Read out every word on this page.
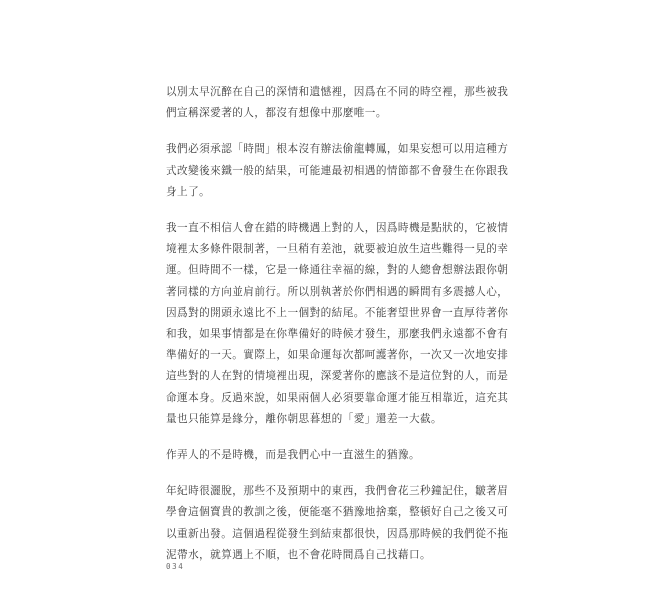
以別太早沉醉在自己的深情和遺憾裡，因爲在不同的時空裡，那些被我
們宣稱深愛著的人，都沒有想像中那麼唯一。

我們必須承認「時間」根本沒有辦法偷龍轉鳳，如果妄想可以用這種方
式改變後來鐵一般的結果，可能連最初相遇的情節都不會發生在你跟我
身上了。

我一直不相信人會在錯的時機遇上對的人，因爲時機是點狀的，它被情
境裡太多條件限制著，一旦稍有差池，就要被迫放生這些難得一見的幸
運。但時間不一樣，它是一條通往幸福的線，對的人總會想辦法跟你朝
著同樣的方向並肩前行。所以別執著於你們相遇的瞬間有多震撼人心，
因爲對的開頭永遠比不上一個對的結尾。不能奢望世界會一直厚待著你
和我，如果事情都是在你準備好的時候才發生，那麼我們永遠都不會有
準備好的一天。實際上，如果命運每次都呵護著你，一次又一次地安排
這些對的人在對的情境裡出現，深愛著你的應該不是這位對的人，而是
命運本身。反過來說，如果兩個人必須要靠命運才能互相靠近，這充其
量也只能算是緣分，離你朝思暮想的「愛」還差一大截。

作弄人的不是時機，而是我們心中一直滋生的猶豫。

年紀時很灑脫，那些不及預期中的東西，我們會花三秒鐘記住，皺著眉
學會這個寶貴的教訓之後，便能毫不猶豫地捨棄，整頓好自己之後又可
以重新出發。這個過程從發生到結束都很快，因爲那時候的我們從不拖
泥帶水，就算遇上不順，也不會花時間爲自己找藉口。

034
